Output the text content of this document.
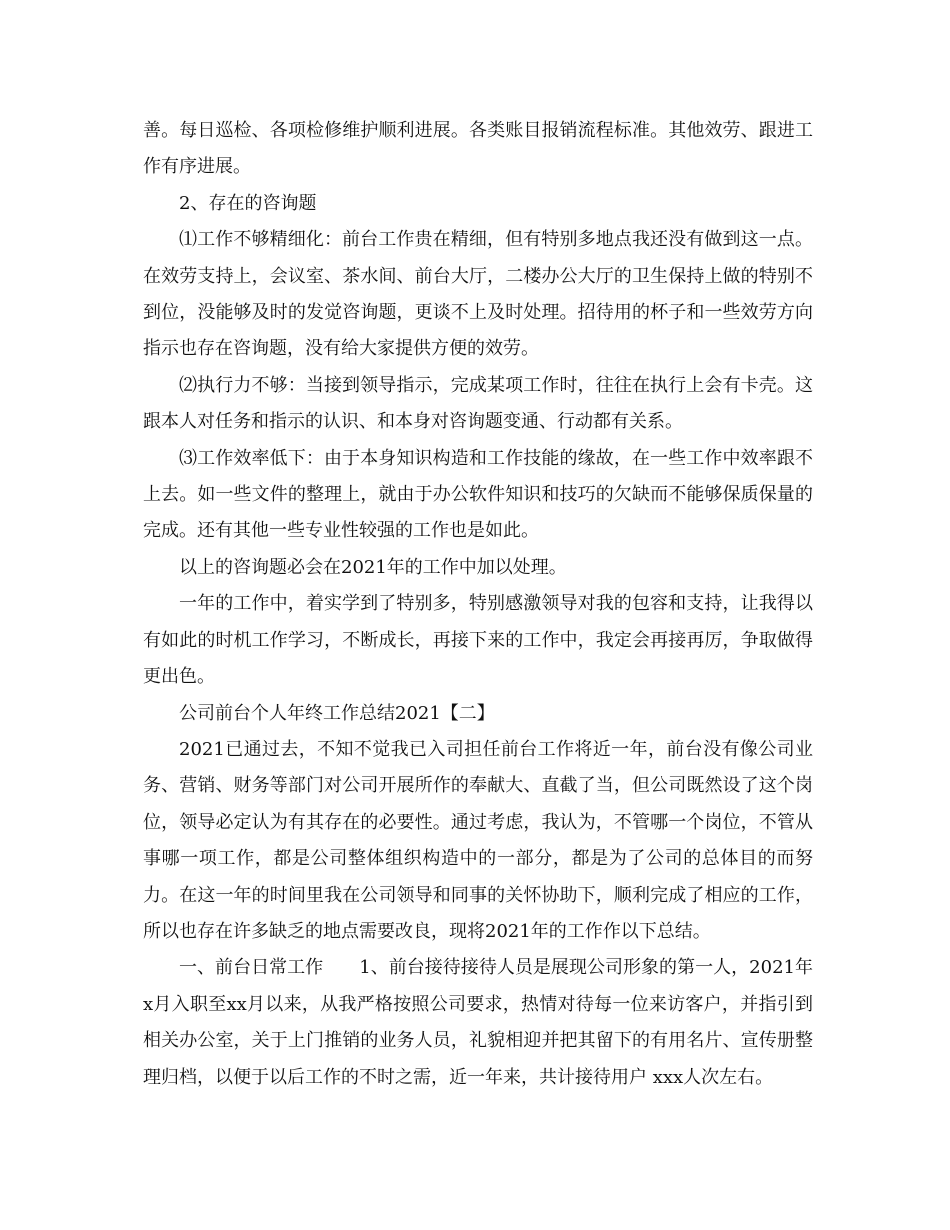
善。每日巡检、各项检修维护顺利进展。各类账目报销流程标准。其他效劳、跟进工作有序进展。

2、存在的咨询题

⑴工作不够精细化：前台工作贵在精细，但有特别多地点我还没有做到这一点。在效劳支持上，会议室、茶水间、前台大厅，二楼办公大厅的卫生保持上做的特别不到位，没能够及时的发觉咨询题，更谈不上及时处理。招待用的杯子和一些效劳方向指示也存在咨询题，没有给大家提供方便的效劳。

⑵执行力不够：当接到领导指示，完成某项工作时，往往在执行上会有卡壳。这跟本人对任务和指示的认识、和本身对咨询题变通、行动都有关系。

⑶工作效率低下：由于本身知识构造和工作技能的缘故，在一些工作中效率跟不上去。如一些文件的整理上，就由于办公软件知识和技巧的欠缺而不能够保质保量的完成。还有其他一些专业性较强的工作也是如此。

以上的咨询题必会在2021年的工作中加以处理。

一年的工作中，着实学到了特别多，特别感激领导对我的包容和支持，让我得以有如此的时机工作学习，不断成长，再接下来的工作中，我定会再接再厉，争取做得更出色。

公司前台个人年终工作总结2021【二】

2021已通过去，不知不觉我已入司担任前台工作将近一年，前台没有像公司业务、营销、财务等部门对公司开展所作的奉献大、直截了当，但公司既然设了这个岗位，领导必定认为有其存在的必要性。通过考虑，我认为，不管哪一个岗位，不管从事哪一项工作，都是公司整体组织构造中的一部分，都是为了公司的总体目的而努力。在这一年的时间里我在公司领导和同事的关怀协助下，顺利完成了相应的工作，所以也存在许多缺乏的地点需要改良，现将2021年的工作作以下总结。

一、前台日常工作　　1、前台接待接待人员是展现公司形象的第一人，2021年x月入职至xx月以来，从我严格按照公司要求，热情对待每一位来访客户，并指引到相关办公室，关于上门推销的业务人员，礼貌相迎并把其留下的有用名片、宣传册整理归档，以便于以后工作的不时之需，近一年来，共计接待用户 xxx人次左右。
